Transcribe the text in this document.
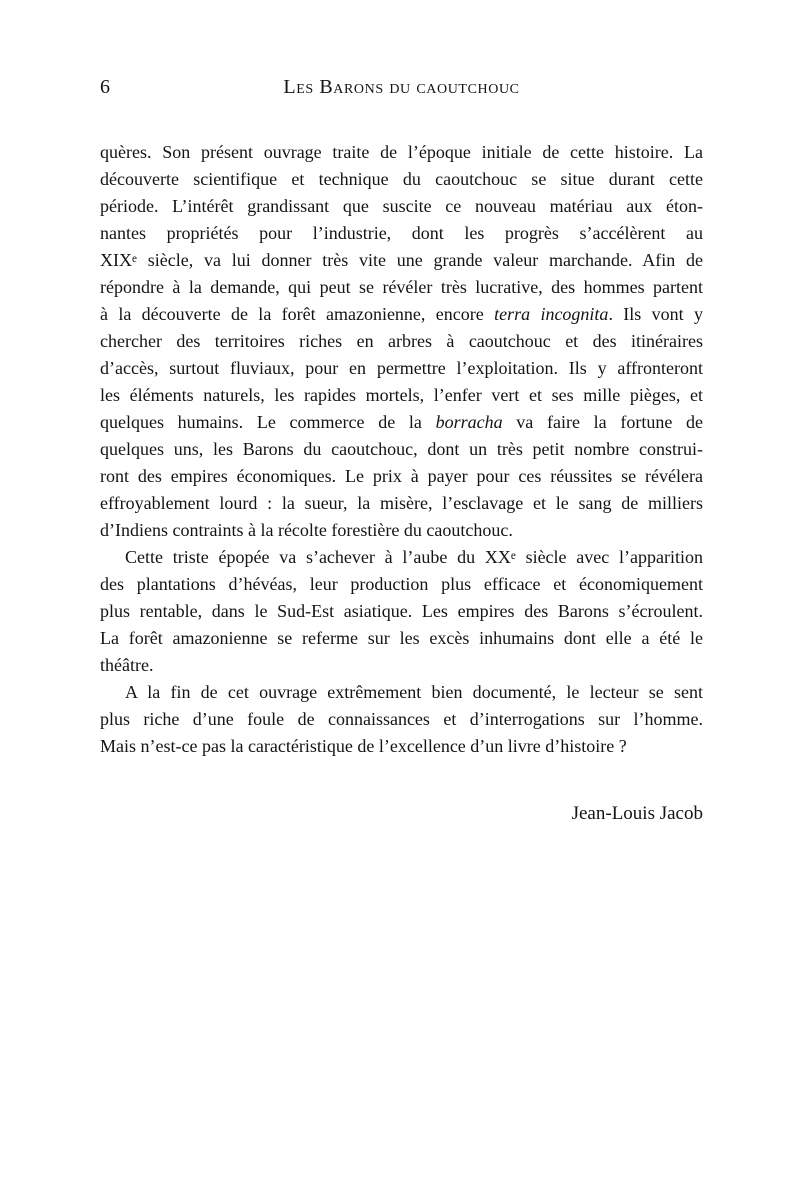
6	Les Barons du caoutchouc
quères. Son présent ouvrage traite de l’époque initiale de cette histoire. La
découverte scientifique et technique du caoutchouc se situe durant cette
période. L’intérêt grandissant que suscite ce nouveau matériau aux éton-
nantes propriétés pour l’industrie, dont les progrès s’accélèrent au
XIXe siècle, va lui donner très vite une grande valeur marchande. Afin de
répondre à la demande, qui peut se révéler très lucrative, des hommes partent
à la découverte de la forêt amazonienne, encore terra incognita. Ils vont y
chercher des territoires riches en arbres à caoutchouc et des itinéraires
d’accès, surtout fluviaux, pour en permettre l’exploitation. Ils y affronteront
les éléments naturels, les rapides mortels, l’enfer vert et ses mille pièges, et
quelques humains. Le commerce de la borracha va faire la fortune de
quelques uns, les Barons du caoutchouc, dont un très petit nombre construi-
ront des empires économiques. Le prix à payer pour ces réussites se révélera
effroyablement lourd : la sueur, la misère, l’esclavage et le sang de milliers
d’Indiens contraints à la récolte forestière du caoutchouc.
Cette triste épopée va s’achever à l’aube du XXe siècle avec l’apparition
des plantations d’hévéas, leur production plus efficace et économiquement
plus rentable, dans le Sud-Est asiatique. Les empires des Barons s’écroulent.
La forêt amazonienne se referme sur les excès inhumains dont elle a été le
théâtre.
A la fin de cet ouvrage extrêmement bien documenté, le lecteur se sent
plus riche d’une foule de connaissances et d’interrogations sur l’homme.
Mais n’est-ce pas la caractéristique de l’excellence d’un livre d’histoire ?
Jean-Louis Jacob
